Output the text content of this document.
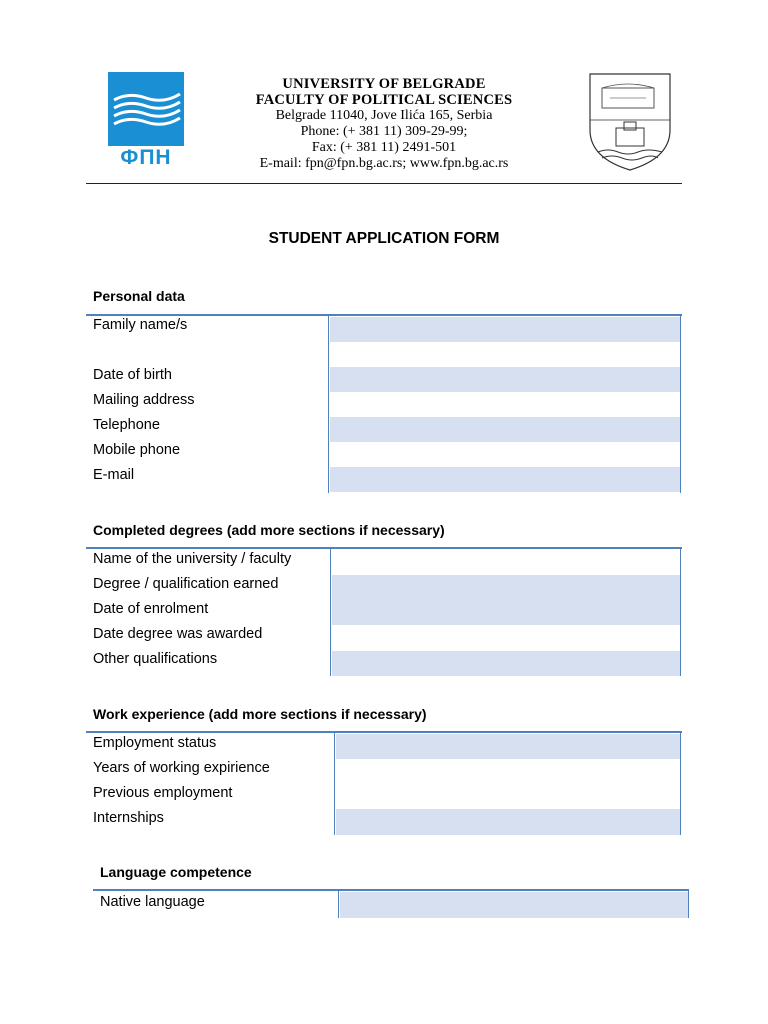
ФПН
UNIVERSITY OF BELGRADE
FACULTY OF POLITICAL SCIENCES
Belgrade 11040, Jove Ilića 165, Serbia
Phone: (+ 381 11) 309-29-99;
Fax: (+ 381 11) 2491-501
E-mail: fpn@fpn.bg.ac.rs; www.fpn.bg.ac.rs
STUDENT APPLICATION FORM
Personal data
Family name/s
Date of birth
Mailing address
Telephone
Mobile phone
E-mail
Completed degrees (add more sections if necessary)
Name of the university / faculty
Degree / qualification earned
Date of enrolment
Date degree was awarded
Other qualifications
Work experience (add more sections if necessary)
Employment status
Years of working expirience
Previous employment
Internships
Language competence
Native language
